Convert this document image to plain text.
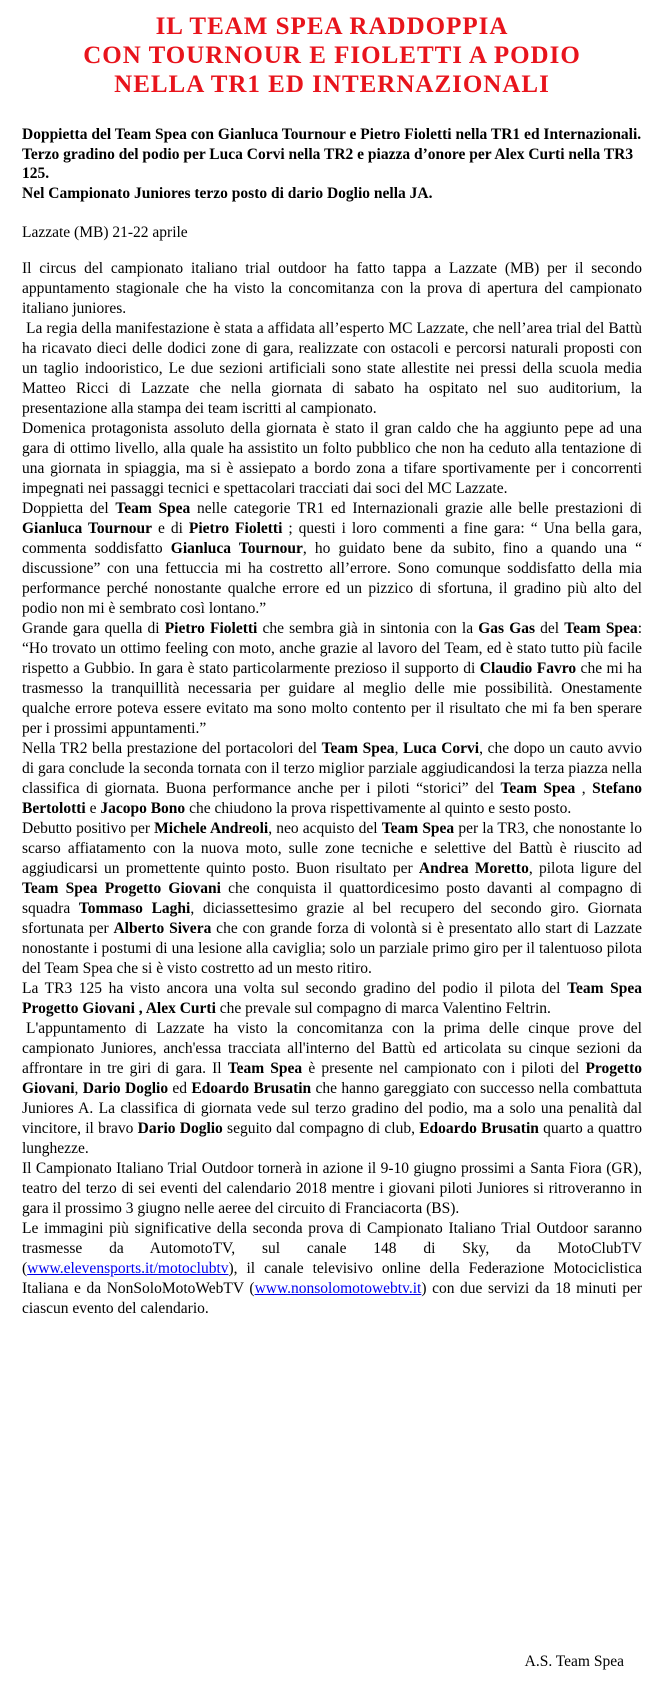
IL TEAM SPEA RADDOPPIA
CON TOURNOUR E FIOLETTI A PODIO
NELLA TR1 ED INTERNAZIONALI
Doppietta del Team Spea con Gianluca Tournour e Pietro Fioletti nella TR1 ed Internazionali.
Terzo gradino del podio per Luca Corvi nella TR2 e piazza d’onore per Alex Curti nella TR3 125.
Nel Campionato Juniores terzo posto di dario Doglio nella JA.

Lazzate (MB) 21-22 aprile

Il circus del campionato italiano trial outdoor ha fatto tappa a Lazzate (MB) per il secondo appuntamento stagionale che ha visto la concomitanza con la prova di apertura del campionato italiano juniores.

La regia della manifestazione è stata a affidata all’esperto MC Lazzate, che nell’area trial del Battù ha ricavato dieci delle dodici zone di gara, realizzate con ostacoli e percorsi naturali proposti con un taglio indooristico, Le due sezioni artificiali sono state allestite nei pressi della scuola media Matteo Ricci di Lazzate che nella giornata di sabato ha ospitato nel suo auditorium, la presentazione alla stampa dei team iscritti al campionato.

Domenica protagonista assoluto della giornata è stato il gran caldo che ha aggiunto pepe ad una gara di ottimo livello, alla quale ha assistito un folto pubblico che non ha ceduto alla tentazione di una giornata in spiaggia, ma si è assiepato a bordo zona a tifare sportivamente per i concorrenti impegnati nei passaggi tecnici e spettacolari tracciati dai soci del MC Lazzate.

Doppietta del Team Spea nelle categorie TR1 ed Internazionali grazie alle belle prestazioni di Gianluca Tournour e di Pietro Fioletti ; questi i loro commenti a fine gara: “ Una bella gara, commenta soddisfatto Gianluca Tournour, ho guidato bene da subito, fino a quando una “ discussione” con una fettuccia mi ha costretto all’errore. Sono comunque soddisfatto della mia performance perché nonostante qualche errore ed un pizzico di sfortuna, il gradino più alto del podio non mi è sembrato così lontano.”

Grande gara quella di Pietro Fioletti che sembra già in sintonia con la Gas Gas del Team Spea: “Ho trovato un ottimo feeling con moto, anche grazie al lavoro del Team, ed è stato tutto più facile rispetto a Gubbio. In gara è stato particolarmente prezioso il supporto di Claudio Favro che mi ha trasmesso la tranquillità necessaria per guidare al meglio delle mie possibilità. Onestamente qualche errore poteva essere evitato ma sono molto contento per il risultato che mi fa ben sperare per i prossimi appuntamenti.”

Nella TR2 bella prestazione del portacolori del Team Spea, Luca Corvi, che dopo un cauto avvio di gara conclude la seconda tornata con il terzo miglior parziale aggiudicandosi la terza piazza nella classifica di giornata. Buona performance anche per i piloti “storici” del Team Spea , Stefano Bertolotti e Jacopo Bono che chiudono la prova rispettivamente al quinto e sesto posto.

Debutto positivo per Michele Andreoli, neo acquisto del Team Spea per la TR3, che nonostante lo scarso affiatamento con la nuova moto, sulle zone tecniche e selettive del Battù è riuscito ad aggiudicarsi un promettente quinto posto. Buon risultato per Andrea Moretto, pilota ligure del Team Spea Progetto Giovani che conquista il quattordicesimo posto davanti al compagno di squadra Tommaso Laghi, diciassettesimo grazie al bel recupero del secondo giro. Giornata sfortunata per Alberto Sivera che con grande forza di volontà si è presentato allo start di Lazzate nonostante i postumi di una lesione alla caviglia; solo un parziale primo giro per il talentuoso pilota del Team Spea che si è visto costretto ad un mesto ritiro.

La TR3 125 ha visto ancora una volta sul secondo gradino del podio il pilota del Team Spea Progetto Giovani , Alex Curti che prevale sul compagno di marca Valentino Feltrin.

L'appuntamento di Lazzate ha visto la concomitanza con la prima delle cinque prove del campionato Juniores, anch'essa tracciata all'interno del Battù ed articolata su cinque sezioni da affrontare in tre giri di gara. Il Team Spea è presente nel campionato con i piloti del Progetto Giovani, Dario Doglio ed Edoardo Brusatin che hanno gareggiato con successo nella combattuta Juniores A. La classifica di giornata vede sul terzo gradino del podio, ma a solo una penalità dal vincitore, il bravo Dario Doglio seguito dal compagno di club, Edoardo Brusatin quarto a quattro lunghezze.

Il Campionato Italiano Trial Outdoor tornerà in azione il 9-10 giugno prossimi a Santa Fiora (GR), teatro del terzo di sei eventi del calendario 2018 mentre i giovani piloti Juniores si ritroveranno in gara il prossimo 3 giugno nelle aeree del circuito di Franciacorta (BS).

Le immagini più significative della seconda prova di Campionato Italiano Trial Outdoor saranno trasmesse da AutomotoTV, sul canale 148 di Sky, da MotoClubTV (www.elevensports.it/motoclubtv), il canale televisivo online della Federazione Motociclistica Italiana e da NonSoloMotoWebTV (www.nonsolomotowebtv.it) con due servizi da 18 minuti per ciascun evento del calendario.

A.S. Team Spea
